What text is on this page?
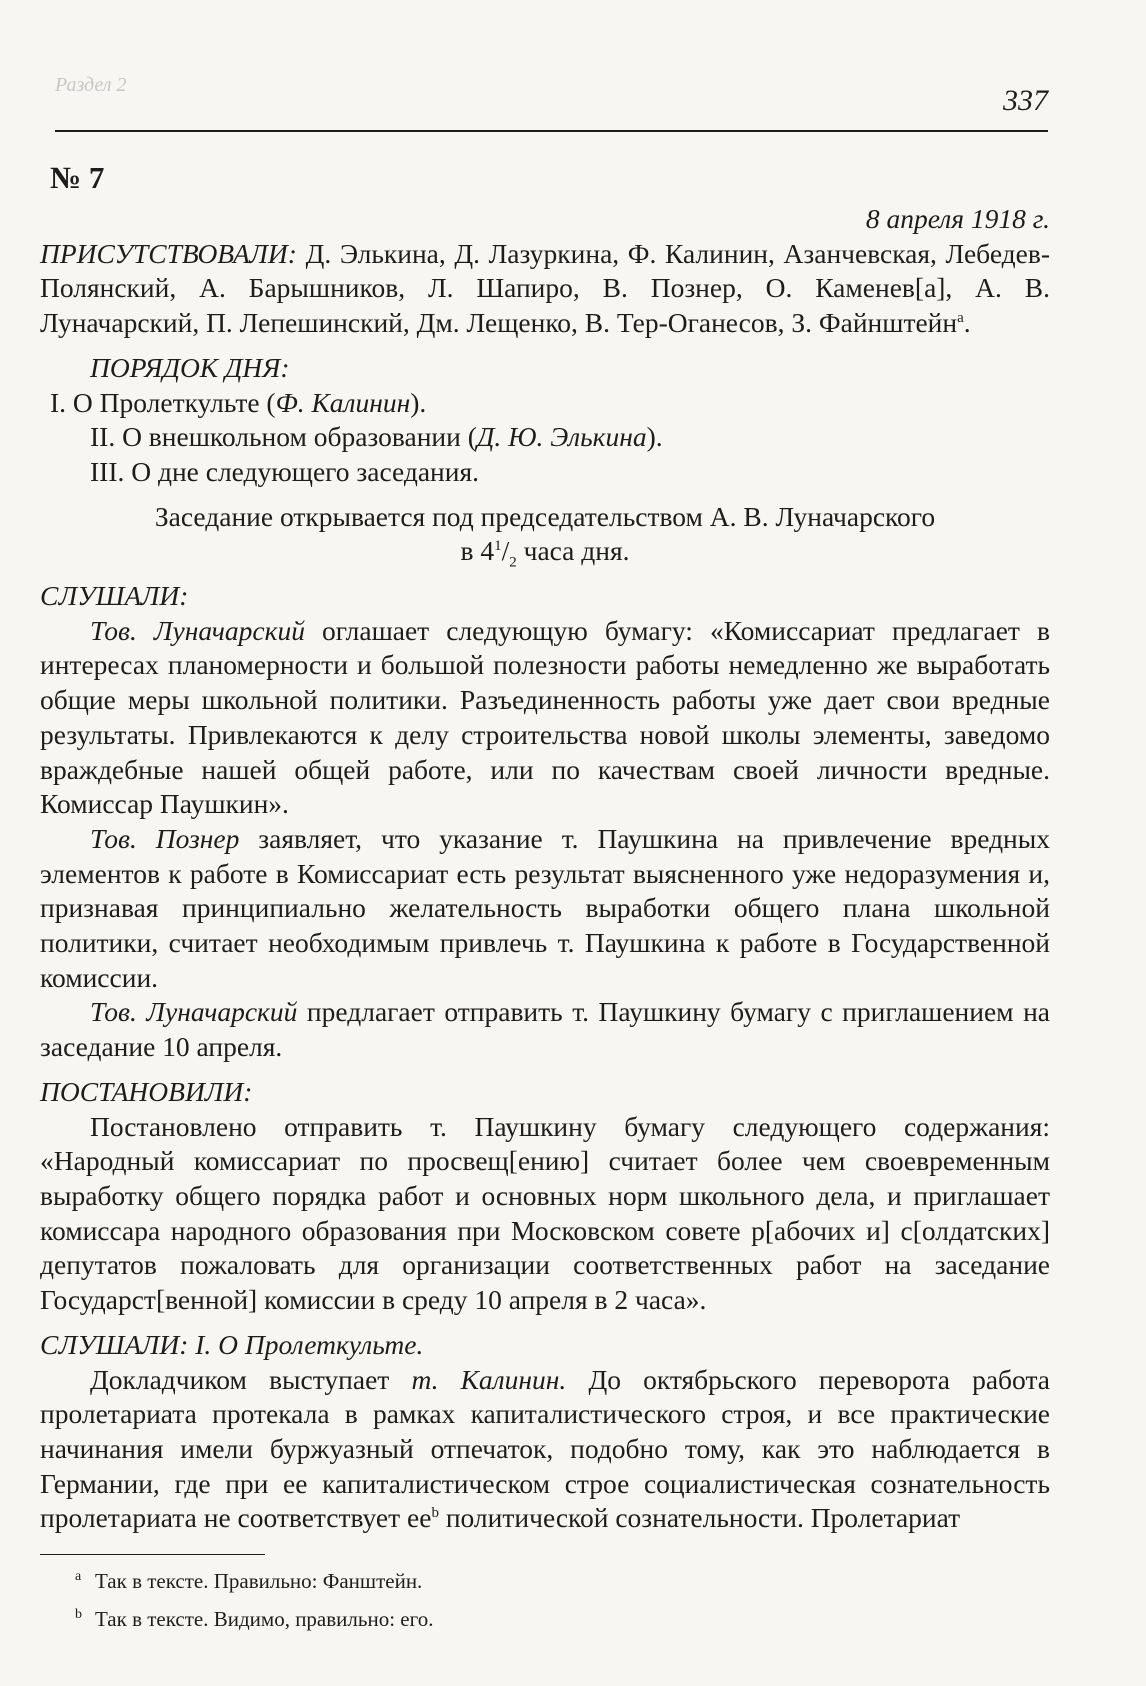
Раздел 2	337

№ 7

8 апреля 1918 г.

ПРИСУТСТВОВАЛИ: Д. Элькина, Д. Лазуркина, Ф. Калинин, Азанчевская, Лебедев-Полянский, А. Барышников, Л. Шапиро, В. Познер, О. Каменев[а], А. В. Луначарский, П. Лепешинский, Дм. Лещенко, В. Тер-Оганесов, З. Файнштейн$^a$.

ПОРЯДОК ДНЯ:

I. О Пролеткульте (Ф. Калинин).

II. О внешкольном образовании (Д. Ю. Элькина).

III. О дне следующего заседания.

Заседание открывается под председательством А. В. Луначарского

в $4^1/_2$ часа дня.

СЛУШАЛИ:

Тов. Луначарский оглашает следующую бумагу: «Комиссариат предлагает в интересах планомерности и большой полезности работы немедленно же выработать общие меры школьной политики. Разъединенность работы уже дает свои вредные результаты. Привлекаются к делу строительства новой школы элементы, заведомо враждебные нашей общей работе, или по качествам своей личности вредные. Комиссар Паушкин».

Тов. Познер заявляет, что указание т. Паушкина на привлечение вредных элементов к работе в Комиссариат есть результат выясненного уже недоразумения и, признавая принципиально желательность выработки общего плана школьной политики, считает необходимым привлечь т. Паушкина к работе в Государственной комиссии.

Тов. Луначарский предлагает отправить т. Паушкину бумагу с приглашением на заседание 10 апреля.

ПОСТАНОВИЛИ:

Постановлено отправить т. Паушкину бумагу следующего содержания: «Народный комиссариат по просвещ[ению] считает более чем своевременным выработку общего порядка работ и основных норм школьного дела, и приглашает комиссара народного образования при Московском совете р[абочих и] с[олдатских] депутатов пожаловать для организации соответственных работ на заседание Государст[венной] комиссии в среду 10 апреля в 2 часа».

СЛУШАЛИ: I. О Пролеткульте.

Докладчиком выступает т. Калинин. До октябрьского переворота работа пролетариата протекала в рамках капиталистического строя, и все практические начинания имели буржуазный отпечаток, подобно тому, как это наблюдается в Германии, где при ее капиталистическом строе социалистическая сознательность пролетариата не соответствует $ее^b$ политической сознательности. Пролетариат

a Так в тексте. Правильно: Фанштейн.
b Так в тексте. Видимо, правильно: его.
